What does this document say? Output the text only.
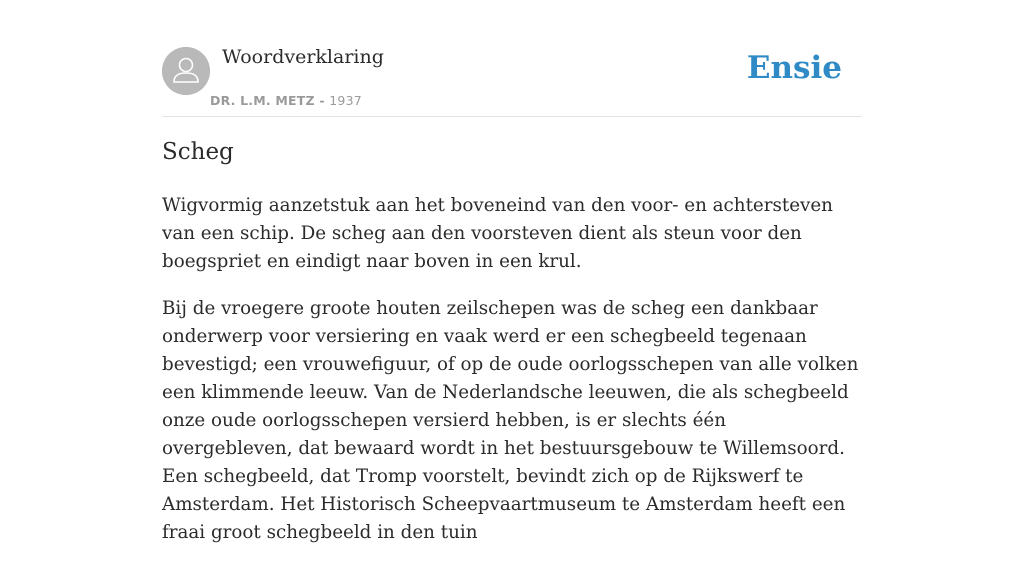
Woordverklaring
DR. L.M. METZ - 1937
Ensie
Scheg

Wigvormig aanzetstuk aan het boveneind van den voor- en achtersteven van een schip. De scheg aan den voorsteven dient als steun voor den boegspriet en eindigt naar boven in een krul.

Bij de vroegere groote houten zeilschepen was de scheg een dankbaar onderwerp voor versiering en vaak werd er een schegbeeld tegenaan bevestigd; een vrouwefiguur, of op de oude oorlogsschepen van alle volken een klimmende leeuw. Van de Nederlandsche leeuwen, die als schegbeeld onze oude oorlogsschepen versierd hebben, is er slechts één overgebleven, dat bewaard wordt in het bestuursgebouw te Willemsoord. Een schegbeeld, dat Tromp voorstelt, bevindt zich op de Rijkswerf te Amsterdam. Het Historisch Scheepvaartmuseum te Amsterdam heeft een fraai groot schegbeeld in den tuin
